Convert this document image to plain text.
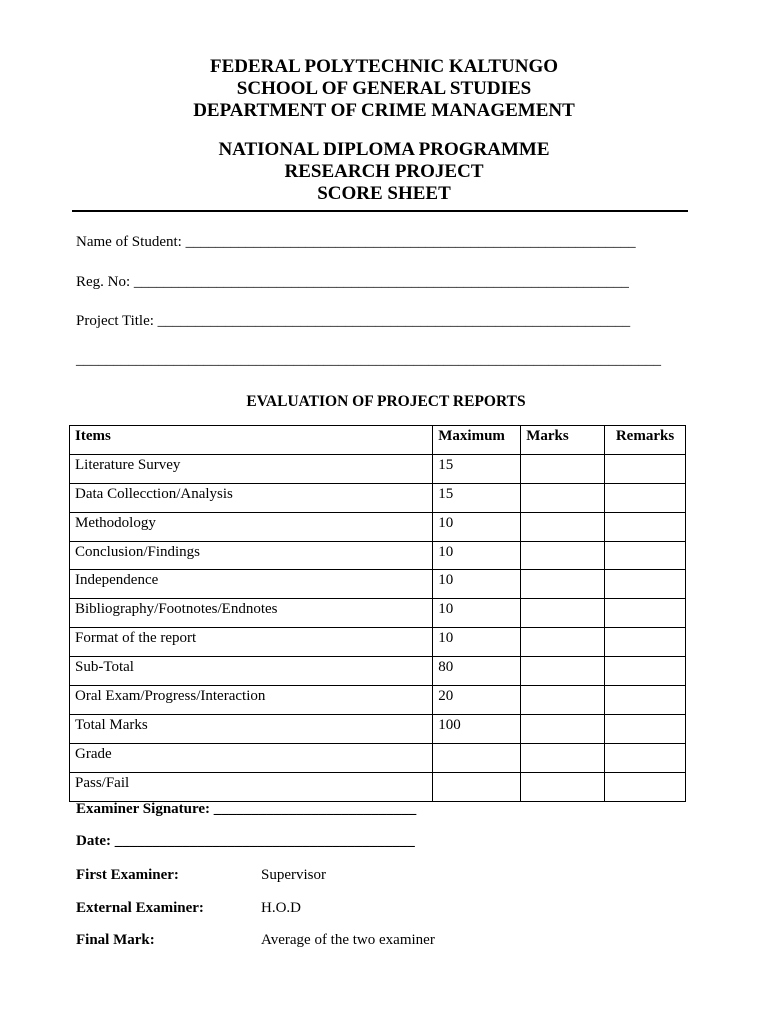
FEDERAL POLYTECHNIC KALTUNGO
SCHOOL OF GENERAL STUDIES
DEPARTMENT OF CRIME MANAGEMENT
NATIONAL DIPLOMA PROGRAMME
RESEARCH PROJECT
SCORE SHEET
Name of Student: ____________________________________________________________
Reg. No: __________________________________________________________________
Project Title: _______________________________________________________________
______________________________________________________________________________
EVALUATION OF PROJECT REPORTS
Items	Maximum	Marks	Remarks
Literature Survey	15		
Data Collecction/Analysis	15		
Methodology	10		
Conclusion/Findings	10		
Independence	10		
Bibliography/Footnotes/Endnotes	10		
Format of the report	10		
Sub-Total	80		
Oral Exam/Progress/Interaction	20		
Total Marks	100		
Grade			
Pass/Fail			
Examiner Signature: ___________________________
Date: ________________________________________
First Examiner:	Supervisor
External Examiner:	H.O.D
Final Mark:	Average of the two examiner
